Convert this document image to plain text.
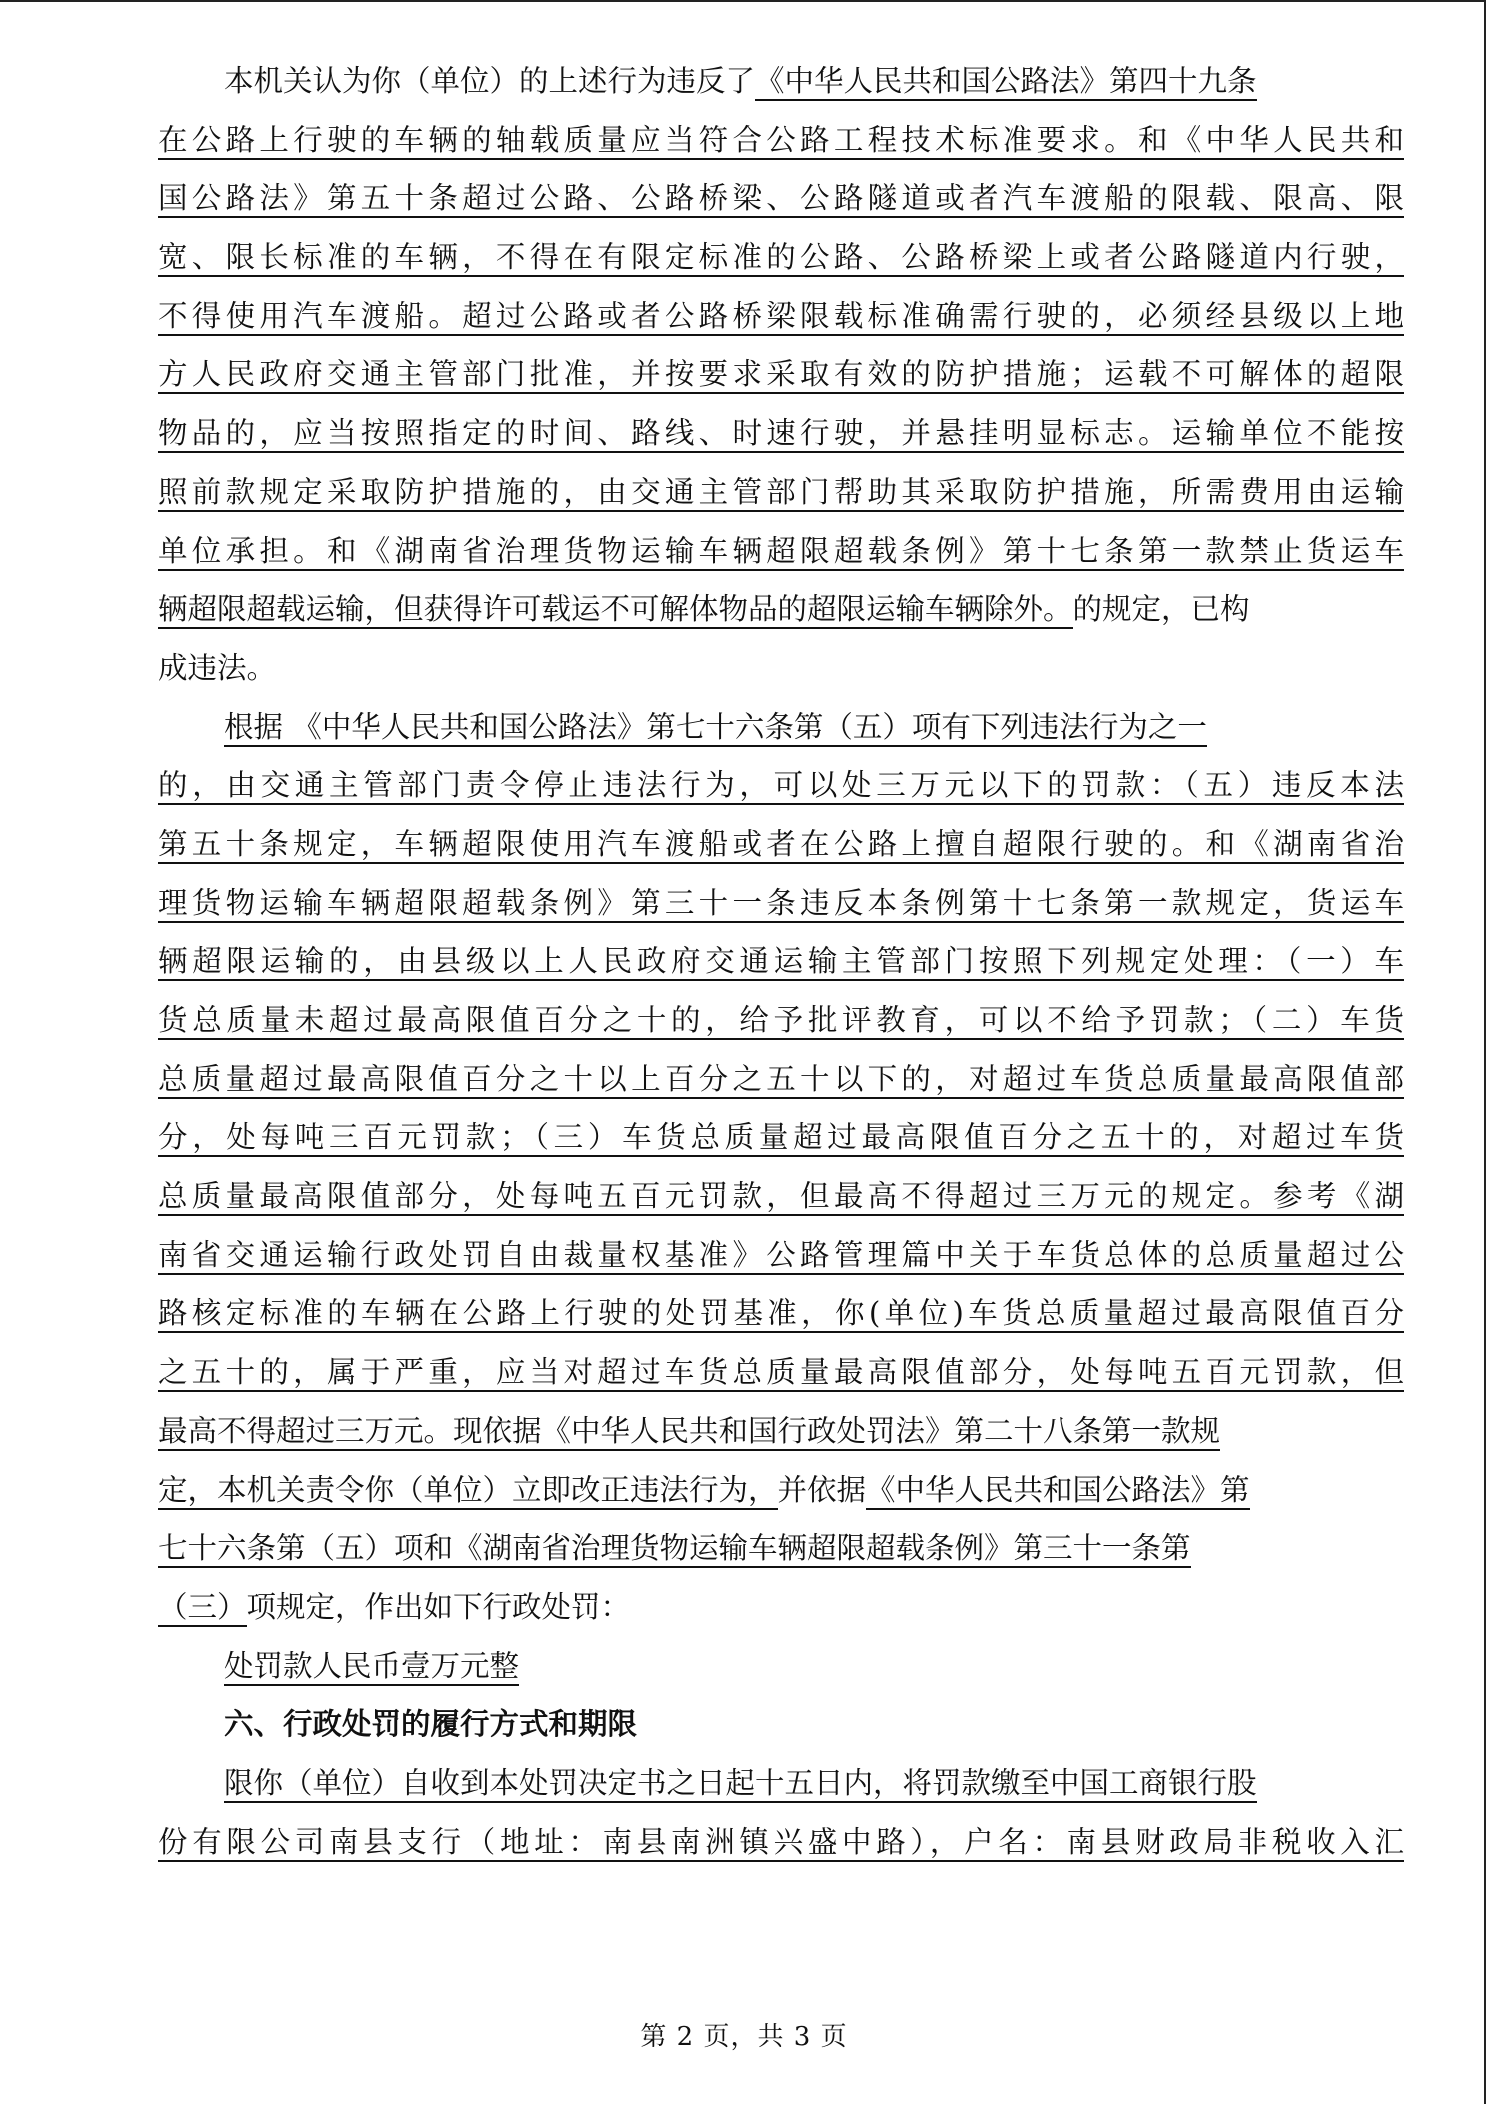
本机关认为你（单位）的上述行为违反了《中华人民共和国公路法》第四十九条
在公路上行驶的车辆的轴载质量应当符合公路工程技术标准要求。和《中华人民共和
国公路法》第五十条超过公路、公路桥梁、公路隧道或者汽车渡船的限载、限高、限
宽、限长标准的车辆，不得在有限定标准的公路、公路桥梁上或者公路隧道内行驶，
不得使用汽车渡船。超过公路或者公路桥梁限载标准确需行驶的，必须经县级以上地
方人民政府交通主管部门批准，并按要求采取有效的防护措施；运载不可解体的超限
物品的，应当按照指定的时间、路线、时速行驶，并悬挂明显标志。运输单位不能按
照前款规定采取防护措施的，由交通主管部门帮助其采取防护措施，所需费用由运输
单位承担。和《湖南省治理货物运输车辆超限超载条例》第十七条第一款禁止货运车
辆超限超载运输，但获得许可载运不可解体物品的超限运输车辆除外。的规定，已构
成违法。
根据 《中华人民共和国公路法》第七十六条第（五）项有下列违法行为之一
的，由交通主管部门责令停止违法行为，可以处三万元以下的罚款：（五）违反本法
第五十条规定，车辆超限使用汽车渡船或者在公路上擅自超限行驶的。和《湖南省治
理货物运输车辆超限超载条例》第三十一条违反本条例第十七条第一款规定，货运车
辆超限运输的，由县级以上人民政府交通运输主管部门按照下列规定处理：（一）车
货总质量未超过最高限值百分之十的，给予批评教育，可以不给予罚款；（二）车货
总质量超过最高限值百分之十以上百分之五十以下的，对超过车货总质量最高限值部
分，处每吨三百元罚款；（三）车货总质量超过最高限值百分之五十的，对超过车货
总质量最高限值部分，处每吨五百元罚款，但最高不得超过三万元的规定。参考《湖
南省交通运输行政处罚自由裁量权基准》公路管理篇中关于车货总体的总质量超过公
路核定标准的车辆在公路上行驶的处罚基准，你(单位)车货总质量超过最高限值百分
之五十的，属于严重，应当对超过车货总质量最高限值部分，处每吨五百元罚款，但
最高不得超过三万元。现依据《中华人民共和国行政处罚法》第二十八条第一款规
定，本机关责令你（单位）立即改正违法行为，并依据《中华人民共和国公路法》第
七十六条第（五）项和《湖南省治理货物运输车辆超限超载条例》第三十一条第
（三）项规定，作出如下行政处罚：
处罚款人民币壹万元整
六、行政处罚的履行方式和期限
限你（单位）自收到本处罚决定书之日起十五日内，将罚款缴至中国工商银行股
份有限公司南县支行（地址：南县南洲镇兴盛中路），户名：南县财政局非税收入汇
第 2 页，共 3 页
